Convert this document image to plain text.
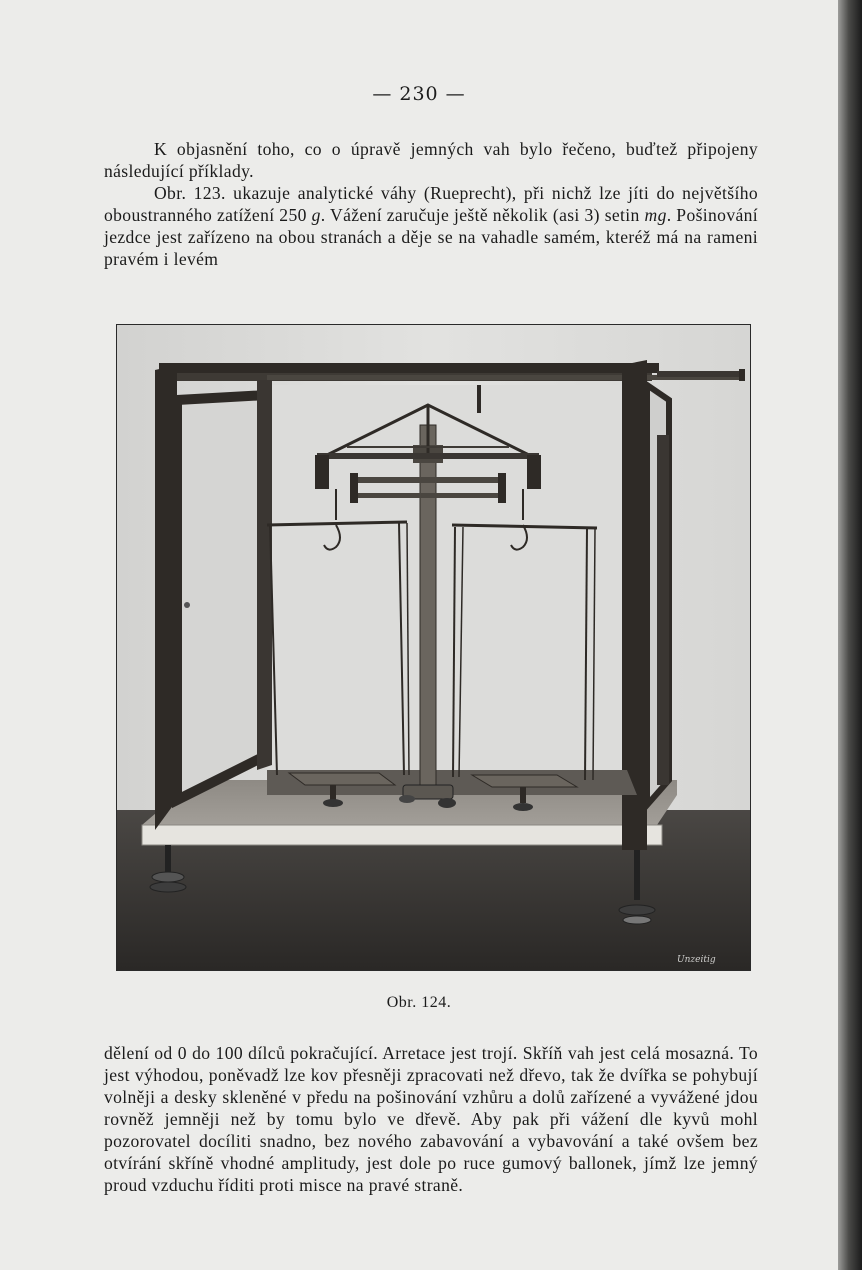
— 230 —

K objasnění toho, co o úpravě jemných vah bylo řečeno, buďtež připojeny následující příklady.
Obr. 123. ukazuje analytické váhy (Rueprecht), při nichž lze jíti do největšího oboustranného zatížení 250 g. Vážení zaručuje ještě několik (asi 3) setin mg. Pošinování jezdce jest zařízeno na obou stranách a děje se na vahadle samém, kteréž má na rameni pravém i levém

Unzeitig
Obr. 124.

dělení od 0 do 100 dílců pokračující. Arretace jest trojí. Skříň vah jest celá mosazná. To jest výhodou, poněvadž lze kov přesněji zpracovati než dřevo, tak že dvířka se pohybují volněji a desky skleněné v předu na pošinování vzhůru a dolů zařízené a vyvážené jdou rovněž jemněji než by tomu bylo ve dřevě. Aby pak při vážení dle kyvů mohl pozorovatel docíliti snadno, bez nového zabavování a vybavování a také ovšem bez otvírání skříně vhodné amplitudy, jest dole po ruce gumový ballonek, jímž lze jemný proud vzduchu říditi proti misce na pravé straně.
